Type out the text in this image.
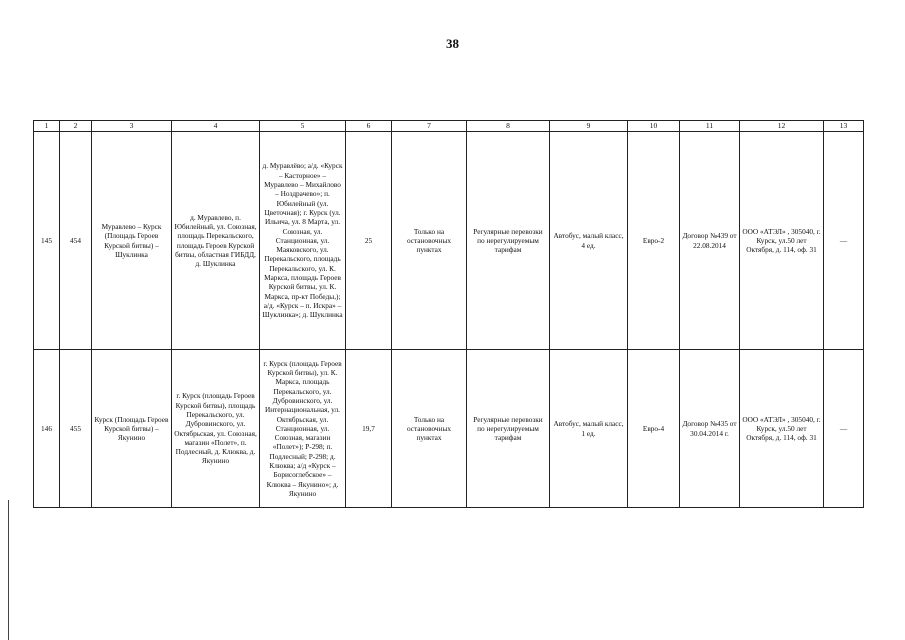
38
1	2	3	4	5	6	7	8	9	10	11	12	13
145	454	Муравлево – Курск (Площадь Героев Курской битвы) – Шуклинка	д. Муравлево, п. Юбилейный, ул. Союзная, площадь Перекальского, площадь Героев Курской битвы, областная ГИБДД, д. Шуклинка	д. Муравлёво; а/д. «Курск – Касторное» – Муравлево – Михайлово – Ноздрачево»; п. Юбилейный (ул. Цветочная); г. Курск (ул. Ильича, ул. 8 Марта, ул. Союзная, ул. Станционная, ул. Маяковского, ул. Перекальского, площадь Перекальского, ул. К. Маркса, площадь Героев Курской битвы, ул. К. Маркса, пр-кт Победы,); а/д. «Курск – п. Искра» – Шуклинка»; д. Шуклинка	25	Только на остановочных пунктах	Регулярные перевозки по нерегулируемым тарифам	Автобус, малый класс, 4 ед.	Евро-2	Договор №439 от 22.08.2014	ООО «АТЭЛ» , 305040, г. Курск, ул.50 лет Октября, д. 114, оф. 31	—
146	455	Курск (Площадь Героев Курской битвы) – Якунино	г. Курск (площадь Героев Курской битвы), площадь Перекальского, ул. Дубровинского, ул. Октябрьская, ул. Союзная, магазин «Полет», п. Подлесный, д. Клюква, д. Якунино	г. Курск (площадь Героев Курской битвы), ул. К. Маркса, площадь Перекальского, ул. Дубровинского, ул. Интернациональная, ул. Октябрьская, ул. Станционная, ул. Союзная, магазин «Полет»); Р-298; п. Подлесный; Р-298; д. Клюква; а/д «Курск – Борисоглебское» – Клюква – Якунино»; д. Якунино	19,7	Только на остановочных пунктах	Регулярные перевозки по нерегулируемым тарифам	Автобус, малый класс, 1 ед.	Евро-4	Договор №435 от 30.04.2014 г.	ООО «АТЭЛ» , 305040, г. Курск, ул.50 лет Октября, д. 114, оф. 31	—
